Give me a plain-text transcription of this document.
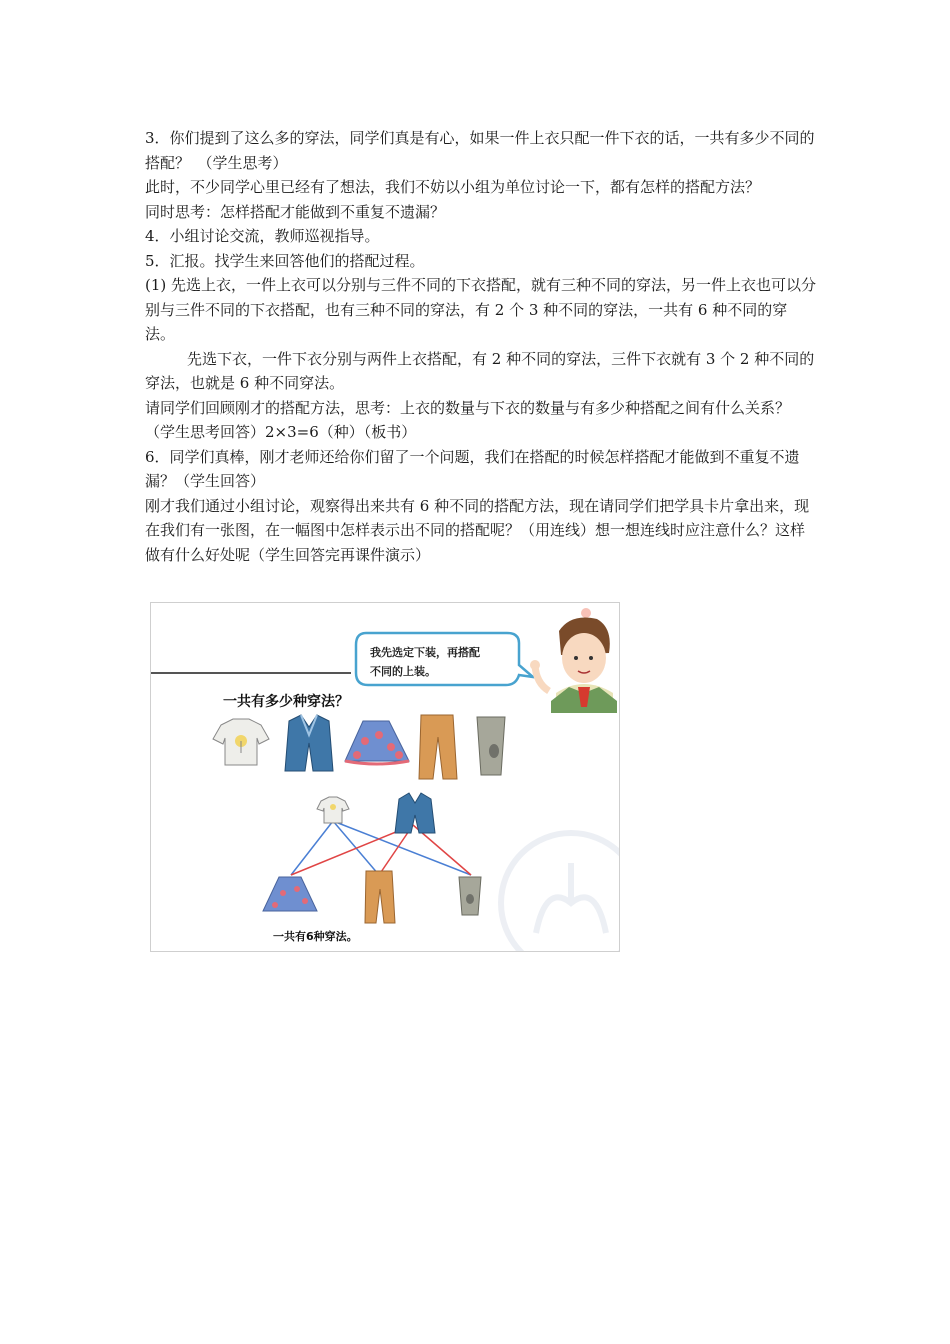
3．你们提到了这么多的穿法，同学们真是有心，如果一件上衣只配一件下衣的话，一共有多少不同的搭配？　（学生思考）

此时，不少同学心里已经有了想法，我们不妨以小组为单位讨论一下，都有怎样的搭配方法？

同时思考：怎样搭配才能做到不重复不遗漏？

4．小组讨论交流，教师巡视指导。

5．汇报。找学生来回答他们的搭配过程。

(1) 先选上衣，一件上衣可以分别与三件不同的下衣搭配，就有三种不同的穿法，另一件上衣也可以分别与三件不同的下衣搭配，也有三种不同的穿法，有 2 个 3 种不同的穿法，一共有 6 种不同的穿法。

先选下衣，一件下衣分别与两件上衣搭配，有 2 种不同的穿法，三件下衣就有 3 个 2 种不同的穿法，也就是 6 种不同穿法。

请同学们回顾刚才的搭配方法，思考：上衣的数量与下衣的数量与有多少种搭配之间有什么关系？（学生思考回答）2×3=6（种）（板书）

6．同学们真棒，刚才老师还给你们留了一个问题，我们在搭配的时候怎样搭配才能做到不重复不遗漏？（学生回答）

刚才我们通过小组讨论，观察得出来共有 6 种不同的搭配方法，现在请同学们把学具卡片拿出来，现在我们有一张图，在一幅图中怎样表示出不同的搭配呢？（用连线）想一想连线时应注意什么？这样做有什么好处呢（学生回答完再课件演示）

我先选定下装，再搭配
不同的上装。
一共有多少种穿法？
一共有6种穿法。
